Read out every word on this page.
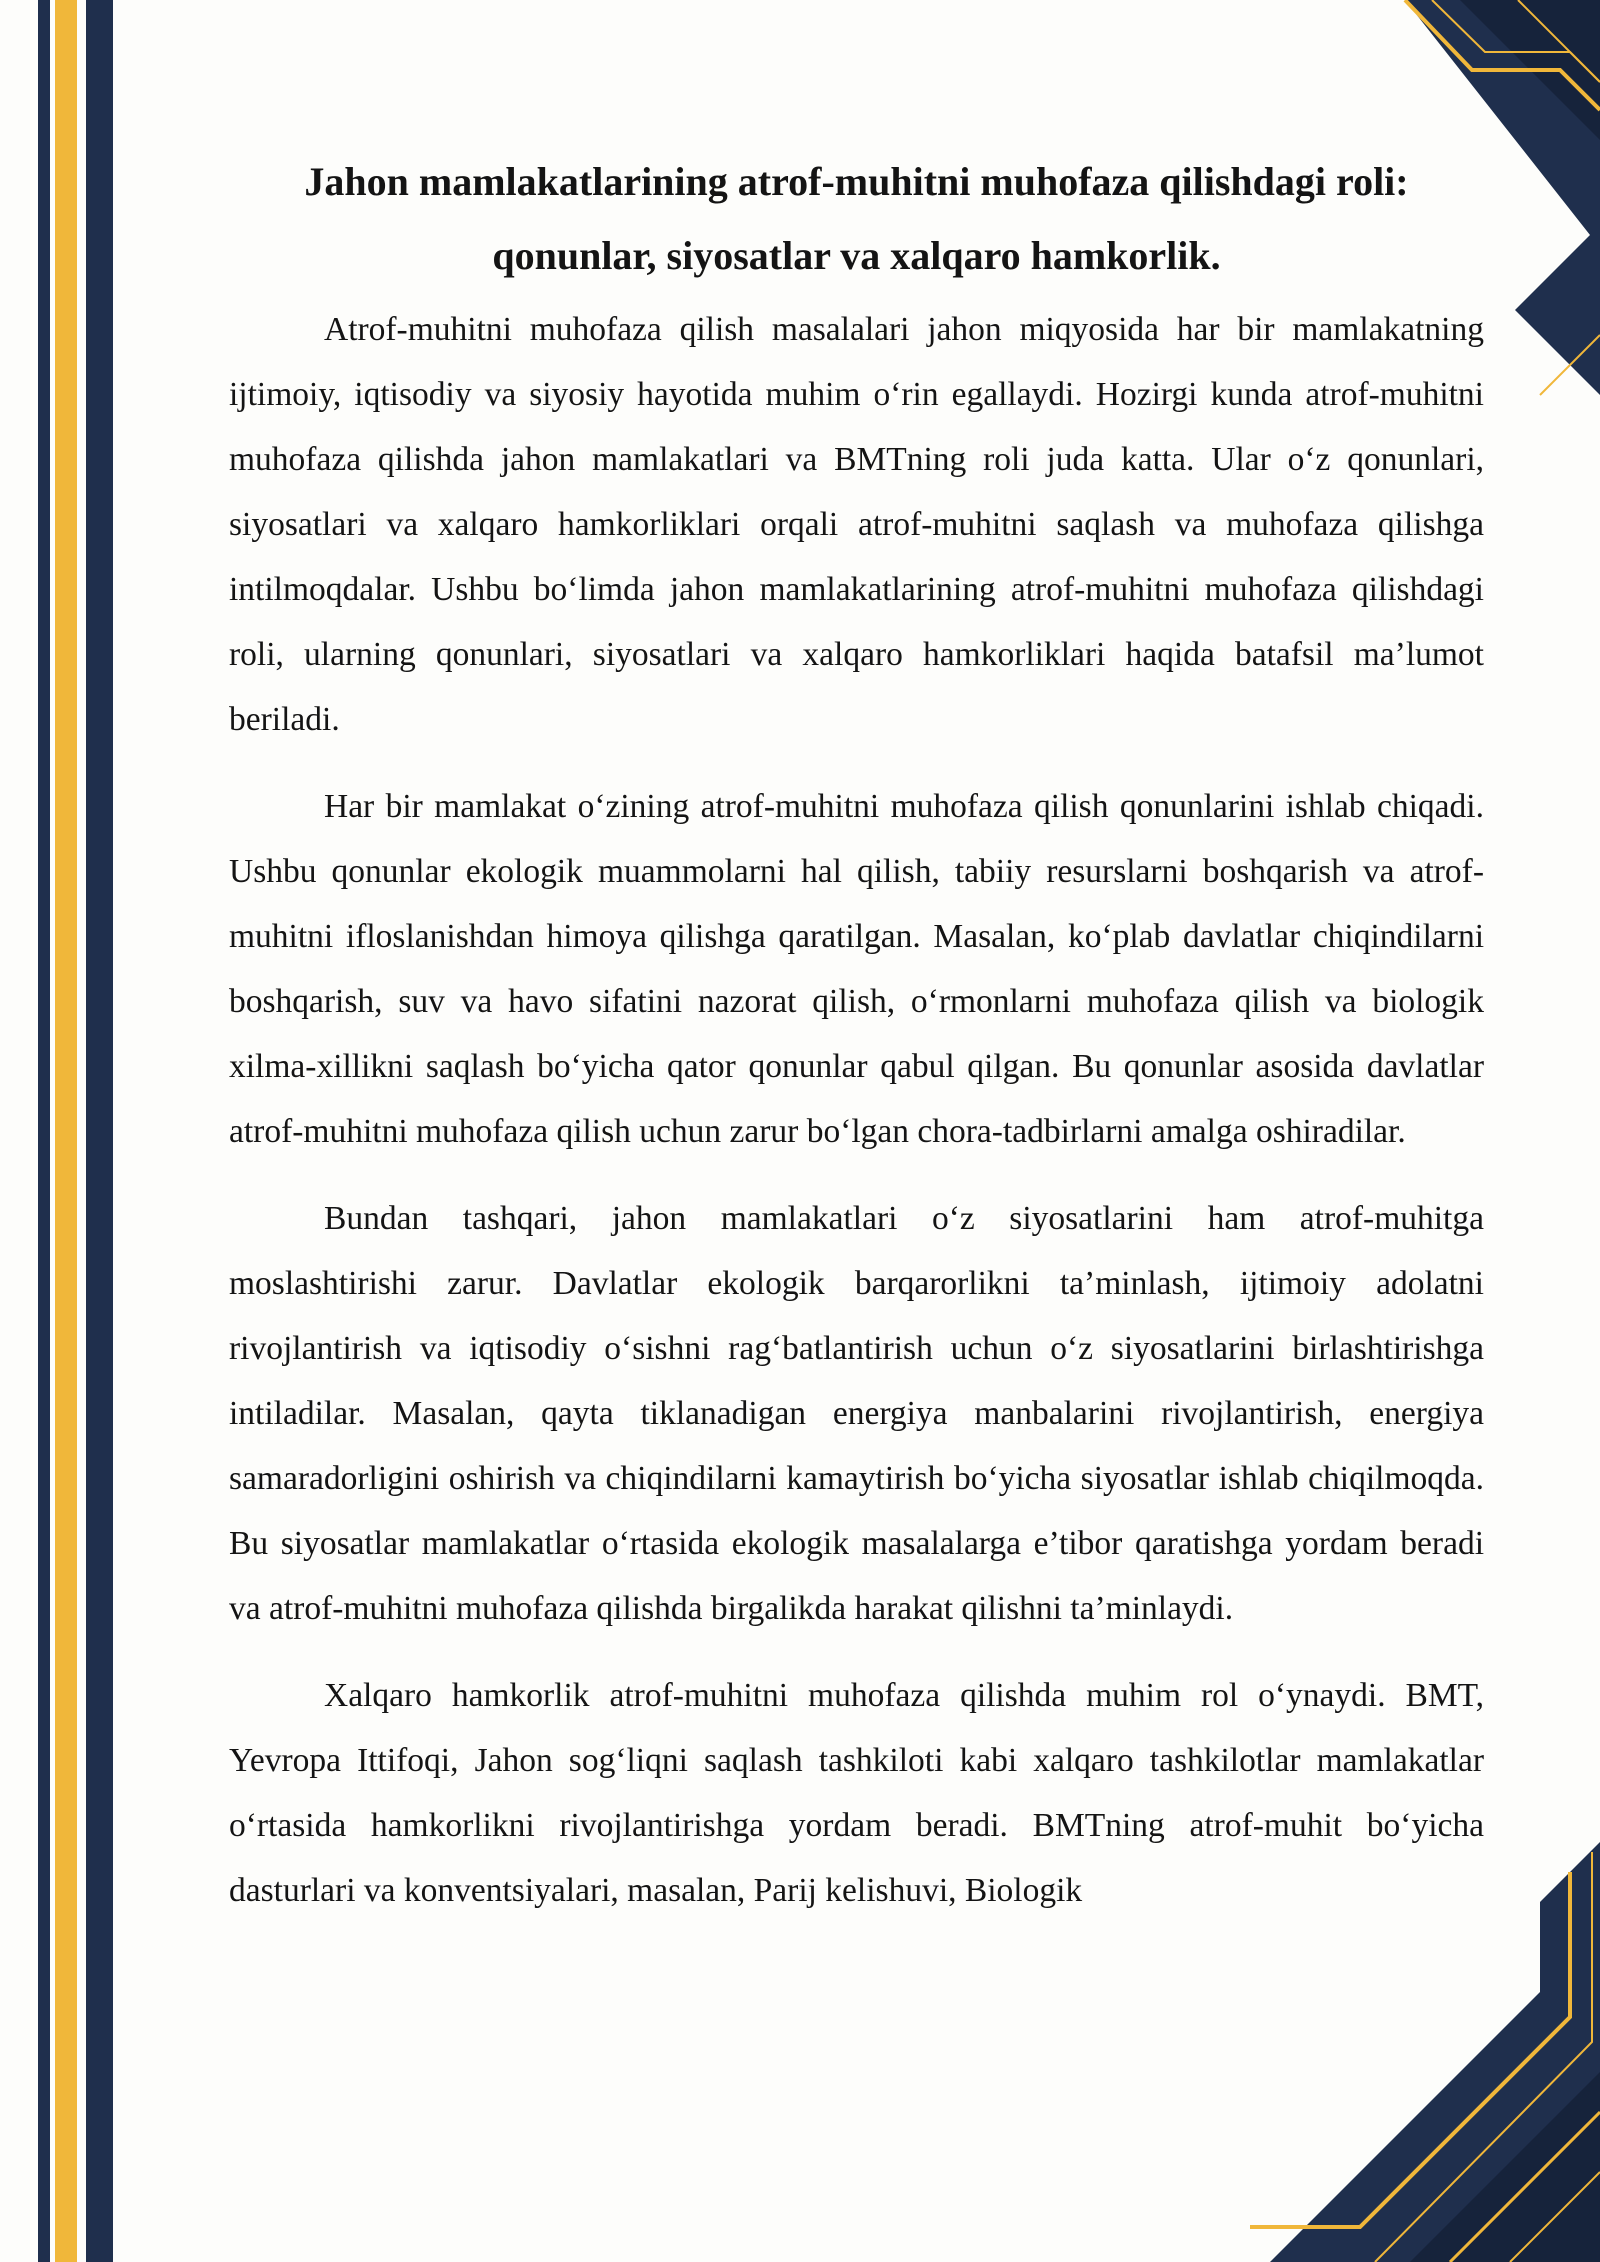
Jahon mamlakatlarining atrof-muhitni muhofaza qilishdagi roli: qonunlar, siyosatlar va xalqaro hamkorlik.

Atrof-muhitni muhofaza qilish masalalari jahon miqyosida har bir mamlakatning ijtimoiy, iqtisodiy va siyosiy hayotida muhim o‘rin egallaydi. Hozirgi kunda atrof-muhitni muhofaza qilishda jahon mamlakatlari va BMTning roli juda katta. Ular o‘z qonunlari, siyosatlari va xalqaro hamkorliklari orqali atrof-muhitni saqlash va muhofaza qilishga intilmoqdalar. Ushbu bo‘limda jahon mamlakatlarining atrof-muhitni muhofaza qilishdagi roli, ularning qonunlari, siyosatlari va xalqaro hamkorliklari haqida batafsil ma’lumot beriladi.

Har bir mamlakat o‘zining atrof-muhitni muhofaza qilish qonunlarini ishlab chiqadi. Ushbu qonunlar ekologik muammolarni hal qilish, tabiiy resurslarni boshqarish va atrof-muhitni ifloslanishdan himoya qilishga qaratilgan. Masalan, ko‘plab davlatlar chiqindilarni boshqarish, suv va havo sifatini nazorat qilish, o‘rmonlarni muhofaza qilish va biologik xilma-xillikni saqlash bo‘yicha qator qonunlar qabul qilgan. Bu qonunlar asosida davlatlar atrof-muhitni muhofaza qilish uchun zarur bo‘lgan chora-tadbirlarni amalga oshiradilar.

Bundan tashqari, jahon mamlakatlari o‘z siyosatlarini ham atrof-muhitga moslashtirishi zarur. Davlatlar ekologik barqarorlikni ta’minlash, ijtimoiy adolatni rivojlantirish va iqtisodiy o‘sishni rag‘batlantirish uchun o‘z siyosatlarini birlashtirishga intiladilar. Masalan, qayta tiklanadigan energiya manbalarini rivojlantirish, energiya samaradorligini oshirish va chiqindilarni kamaytirish bo‘yicha siyosatlar ishlab chiqilmoqda. Bu siyosatlar mamlakatlar o‘rtasida ekologik masalalarga e’tibor qaratishga yordam beradi va atrof-muhitni muhofaza qilishda birgalikda harakat qilishni ta’minlaydi.

Xalqaro hamkorlik atrof-muhitni muhofaza qilishda muhim rol o‘ynaydi. BMT, Yevropa Ittifoqi, Jahon sog‘liqni saqlash tashkiloti kabi xalqaro tashkilotlar mamlakatlar o‘rtasida hamkorlikni rivojlantirishga yordam beradi. BMTning atrof-muhit bo‘yicha dasturlari va konventsiyalari, masalan, Parij kelishuvi, Biologik
